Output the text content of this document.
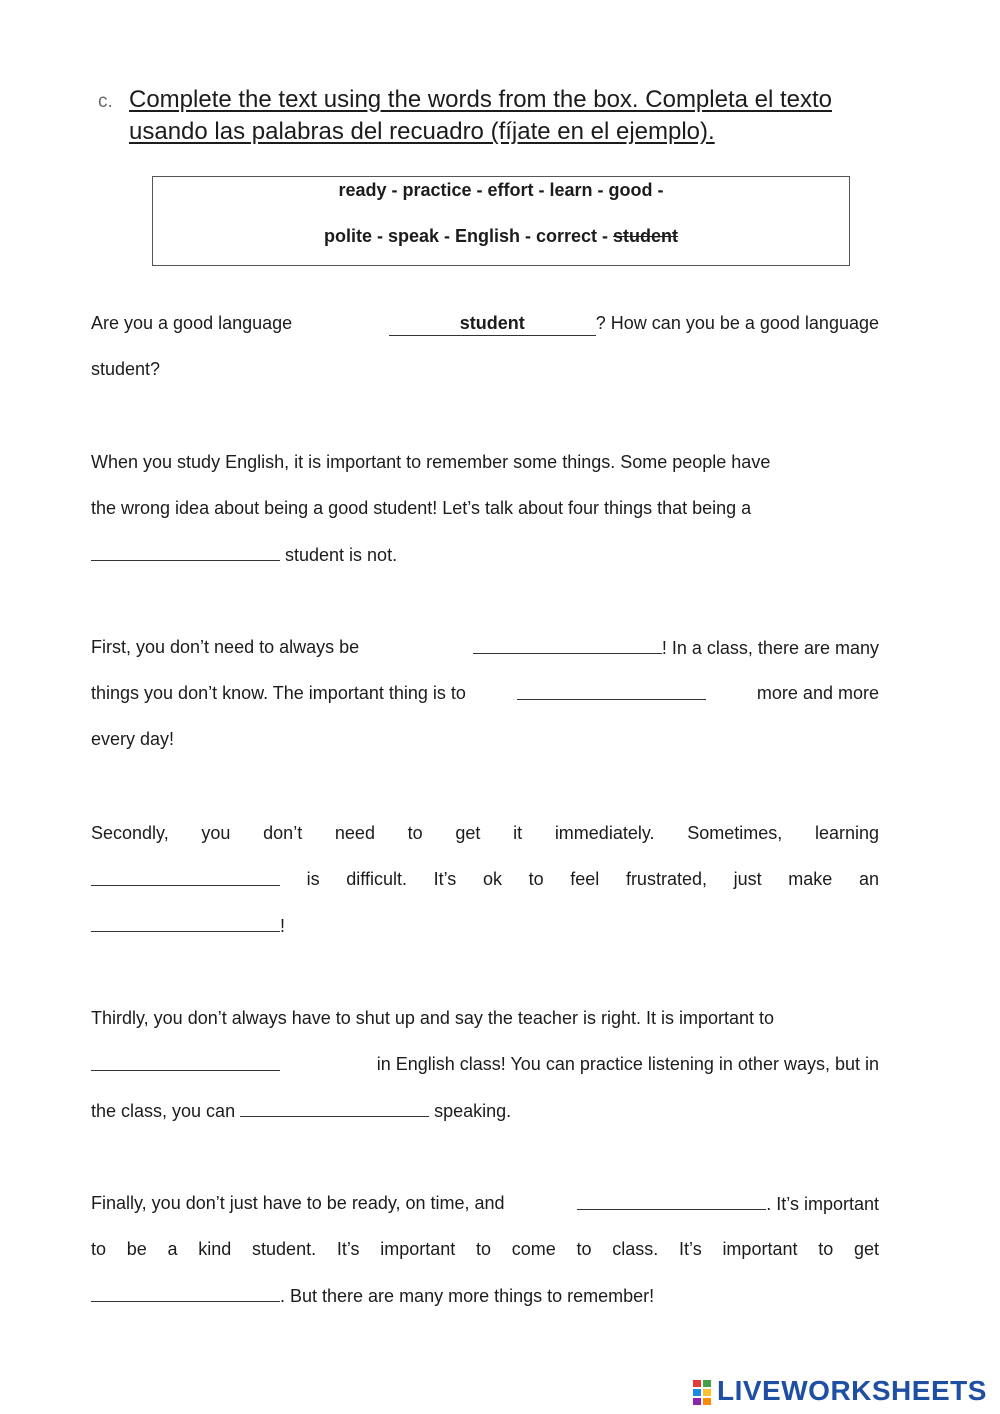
c. Complete the text using the words from the box. Completa el texto usando las palabras del recuadro (fíjate en el ejemplo).
ready - practice - effort - learn - good -
polite - speak - English - correct - student
Are you a good language	student	? How can you be a good language
student?
When you study English, it is important to remember some things. Some people have
the wrong idea about being a good student! Let’s talk about four things that being a
student is not.
First, you don’t need to always be	! In a class, there are many
things you don’t know. The important thing is to	more and more
every day!
Secondly, you don’t need to get it immediately. Sometimes, learning
is difficult. It’s ok to feel frustrated, just make an
!
Thirdly, you don’t always have to shut up and say the teacher is right. It is important to
in English class! You can practice listening in other ways, but in
the class, you can	speaking.
Finally, you don’t just have to be ready, on time, and	. It’s important
to be a kind student. It’s important to come to class. It’s important to get
. But there are many more things to remember!
LIVEWORKSHEETS
